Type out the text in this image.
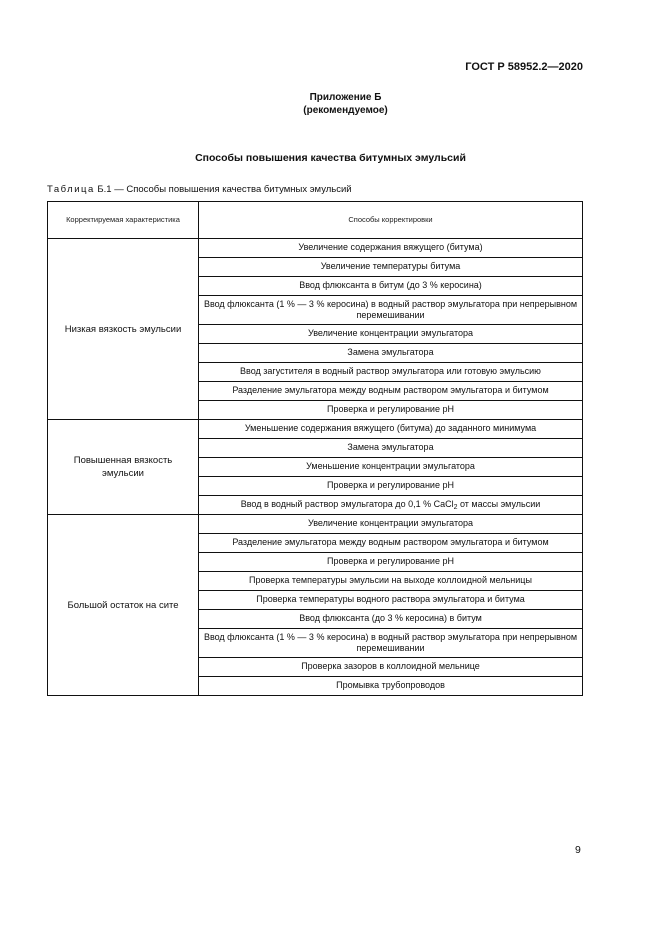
ГОСТ Р 58952.2—2020
Приложение Б
(рекомендуемое)
Способы повышения качества битумных эмульсий
Таблица Б.1 — Способы повышения качества битумных эмульсий
Корректируемая характеристика	Способы корректировки
Низкая вязкость эмульсии	Увеличение содержания вяжущего (битума)
	Увеличение температуры битума
	Ввод флюксанта в битум (до 3 % керосина)
	Ввод флюксанта (1 % — 3 % керосина) в водный раствор эмульгатора при непрерывном перемешивании
	Увеличение концентрации эмульгатора
	Замена эмульгатора
	Ввод загустителя в водный раствор эмульгатора или готовую эмульсию
	Разделение эмульгатора между водным раствором эмульгатора и битумом
	Проверка и регулирование pH
Повышенная вязкость эмульсии	Уменьшение содержания вяжущего (битума) до заданного минимума
	Замена эмульгатора
	Уменьшение концентрации эмульгатора
	Проверка и регулирование pH
	Ввод в водный раствор эмульгатора до 0,1 % CaCl$_2$ от массы эмульсии
Большой остаток на сите	Увеличение концентрации эмульгатора
	Разделение эмульгатора между водным раствором эмульгатора и битумом
	Проверка и регулирование pH
	Проверка температуры эмульсии на выходе коллоидной мельницы
	Проверка температуры водного раствора эмульгатора и битума
	Ввод флюксанта (до 3 % керосина) в битум
	Ввод флюксанта (1 % — 3 % керосина) в водный раствор эмульгатора при непрерывном перемешивании
	Проверка зазоров в коллоидной мельнице
	Промывка трубопроводов
9
